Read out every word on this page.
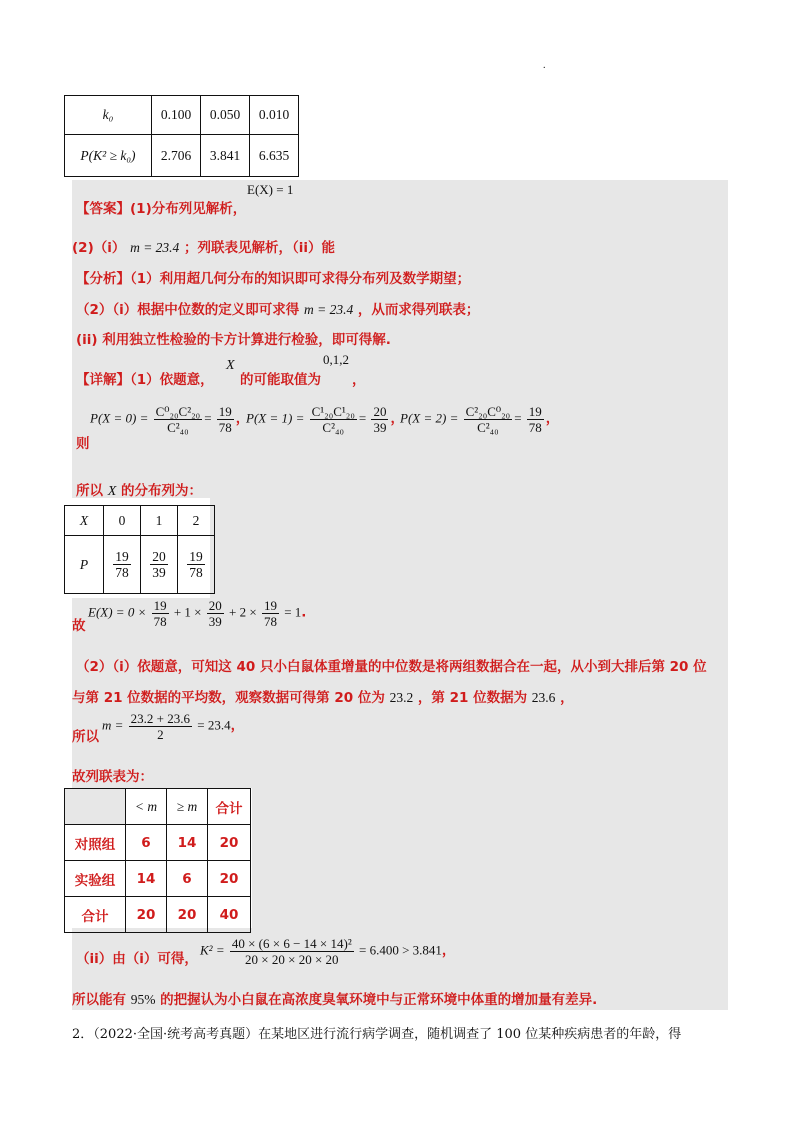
.
k₀	0.100	0.050	0.010
P(K² ≥ k₀)	2.706	3.841	6.635
E(X) = 1
【答案】(1)分布列见解析，
(2)（i） m = 23.4 ；列联表见解析，（ii）能
【分析】（1）利用超几何分布的知识即可求得分布列及数学期望；
（2）（i）根据中位数的定义即可求得 m = 23.4 ，从而求得列联表；
(ii) 利用独立性检验的卡方计算进行检验，即可得解.
【详解】（1）依题意，
X
的可能取值为
0,1,2
，
则
$P(X = 0) = \frac{\text{C⁰₂₀C²₂₀}}{\text{C²₄₀}} = \frac{19}{78}$ ，
$P(X = 1) = \frac{\text{C¹₂₀C¹₂₀}}{\text{C²₄₀}} = \frac{20}{39}$ ，
$P(X = 2) = \frac{\text{C²₂₀C⁰₂₀}}{\text{C²₄₀}} = \frac{19}{78}$ ，
所以 X 的分布列为：
X	0	1	2
P	$\frac{19}{78}$	$\frac{20}{39}$	$\frac{19}{78}$
故
$E(X) = 0 \times \frac{19}{78} + 1 \times \frac{20}{39} + 2 \times \frac{19}{78} = 1$.
（2）（i）依题意，可知这 40 只小白鼠体重增量的中位数是将两组数据合在一起，从小到大排后第 20 位
与第 21 位数据的平均数，观察数据可得第 20 位为 23.2 ，第 21 位数据为 23.6 ，
所以
$m = \frac{23.2 + 23.6}{2} = 23.4$，
故列联表为：
	< m	≥ m	合计
对照组	6	14	20
实验组	14	6	20
合计	20	20	40
（ii）由（i）可得，
$K^2 = \frac{\text{40 × (6 × 6 − 14 × 14)²}}{20 \times 20 \times 20 \times 20} = 6.400 > 3.841$，
所以能有 95% 的把握认为小白鼠在高浓度臭氧环境中与正常环境中体重的增加量有差异.
2．（2022·全国·统考高考真题）在某地区进行流行病学调查，随机调查了 100 位某种疾病患者的年龄，得
